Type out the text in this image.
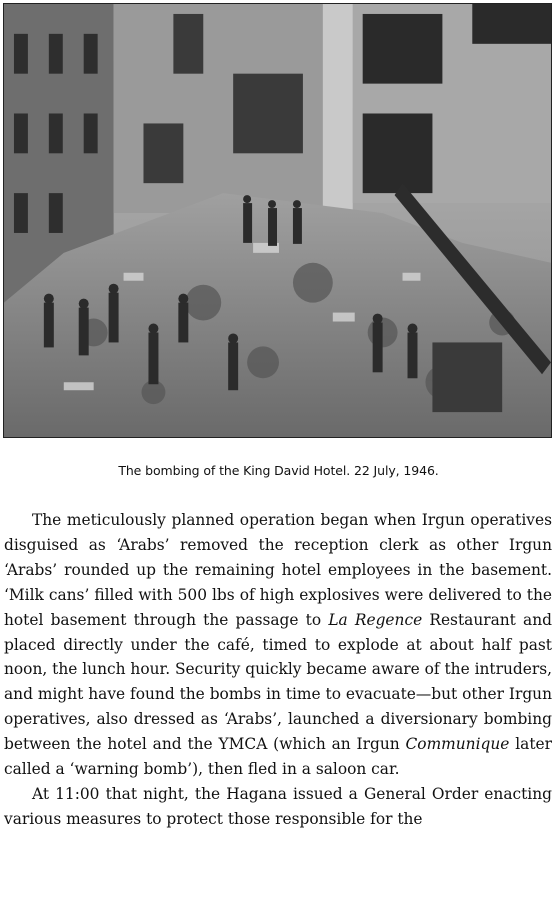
The bombing of the King David Hotel. 22 July, 1946.

The meticulously planned operation began when Irgun operatives disguised as ‘Arabs’ removed the reception clerk as other Irgun ‘Arabs’ rounded up the remaining hotel employees in the basement. ‘Milk cans’ filled with 500 lbs of high explosives were delivered to the hotel basement through the passage to La Regence Restaurant and placed directly under the café, timed to explode at about half past noon, the lunch hour. Security quickly became aware of the intruders, and might have found the bombs in time to evacuate—but other Irgun operatives, also dressed as ‘Arabs’, launched a diversionary bombing between the hotel and the YMCA (which an Irgun Communique later called a ‘warning bomb’), then fled in a saloon car.

At 11:00 that night, the Hagana issued a General Order enacting various measures to protect those responsible for the
